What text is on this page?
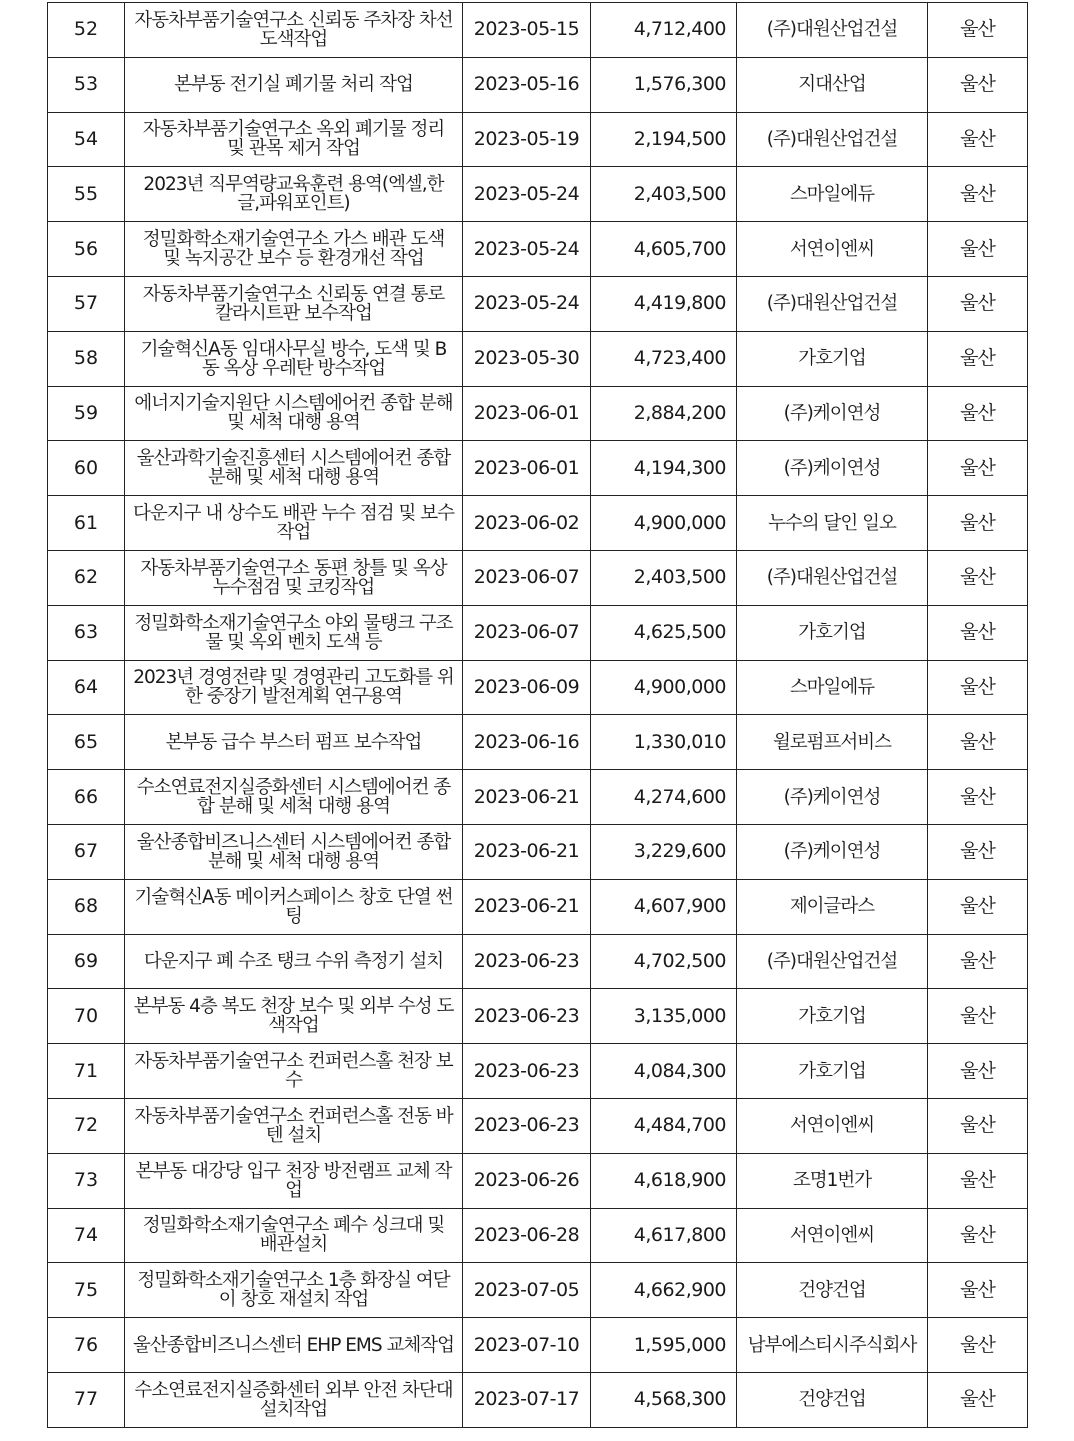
52	자동차부품기술연구소 신뢰동 주차장 차선도색작업	2023-05-15	4,712,400	(주)대원산업건설	울산
53	본부동 전기실 폐기물 처리 작업	2023-05-16	1,576,300	지대산업	울산
54	자동차부품기술연구소 옥외 폐기물 정리 및 관목 제거 작업	2023-05-19	2,194,500	(주)대원산업건설	울산
55	2023년 직무역량교육훈련 용역(엑셀,한글,파워포인트)	2023-05-24	2,403,500	스마일에듀	울산
56	정밀화학소재기술연구소 가스 배관 도색 및 녹지공간 보수 등 환경개선 작업	2023-05-24	4,605,700	서연이엔씨	울산
57	자동차부품기술연구소 신뢰동 연결 통로 칼라시트판 보수작업	2023-05-24	4,419,800	(주)대원산업건설	울산
58	기술혁신A동 임대사무실 방수, 도색 및 B동 옥상 우레탄 방수작업	2023-05-30	4,723,400	가호기업	울산
59	에너지기술지원단 시스템에어컨 종합 분해 및 세척 대행 용역	2023-06-01	2,884,200	(주)케이연성	울산
60	울산과학기술진흥센터 시스템에어컨 종합분해 및 세척 대행 용역	2023-06-01	4,194,300	(주)케이연성	울산
61	다운지구 내 상수도 배관 누수 점검 및 보수작업	2023-06-02	4,900,000	누수의 달인 일오	울산
62	자동차부품기술연구소 동편 창틀 및 옥상 누수점검 및 코킹작업	2023-06-07	2,403,500	(주)대원산업건설	울산
63	정밀화학소재기술연구소 야외 물탱크 구조물 및 옥외 벤치 도색 등	2023-06-07	4,625,500	가호기업	울산
64	2023년 경영전략 및 경영관리 고도화를 위한 중장기 발전계획 연구용역	2023-06-09	4,900,000	스마일에듀	울산
65	본부동 급수 부스터 펌프 보수작업	2023-06-16	1,330,010	윌로펌프서비스	울산
66	수소연료전지실증화센터 시스템에어컨 종합 분해 및 세척 대행 용역	2023-06-21	4,274,600	(주)케이연성	울산
67	울산종합비즈니스센터 시스템에어컨 종합 분해 및 세척 대행 용역	2023-06-21	3,229,600	(주)케이연성	울산
68	기술혁신A동 메이커스페이스 창호 단열 썬팅	2023-06-21	4,607,900	제이글라스	울산
69	다운지구 폐 수조 탱크 수위 측정기 설치	2023-06-23	4,702,500	(주)대원산업건설	울산
70	본부동 4층 복도 천장 보수 및 외부 수성 도색작업	2023-06-23	3,135,000	가호기업	울산
71	자동차부품기술연구소 컨퍼런스홀 천장 보수	2023-06-23	4,084,300	가호기업	울산
72	자동차부품기술연구소 컨퍼런스홀 전동 바텐 설치	2023-06-23	4,484,700	서연이엔씨	울산
73	본부동 대강당 입구 천장 방전램프 교체 작업	2023-06-26	4,618,900	조명1번가	울산
74	정밀화학소재기술연구소 폐수 싱크대 및 배관설치	2023-06-28	4,617,800	서연이엔씨	울산
75	정밀화학소재기술연구소 1층 화장실 여닫이 창호 재설치 작업	2023-07-05	4,662,900	건양건업	울산
76	울산종합비즈니스센터 EHP EMS 교체작업	2023-07-10	1,595,000	남부에스티시주식회사	울산
77	수소연료전지실증화센터 외부 안전 차단대 설치작업	2023-07-17	4,568,300	건양건업	울산
